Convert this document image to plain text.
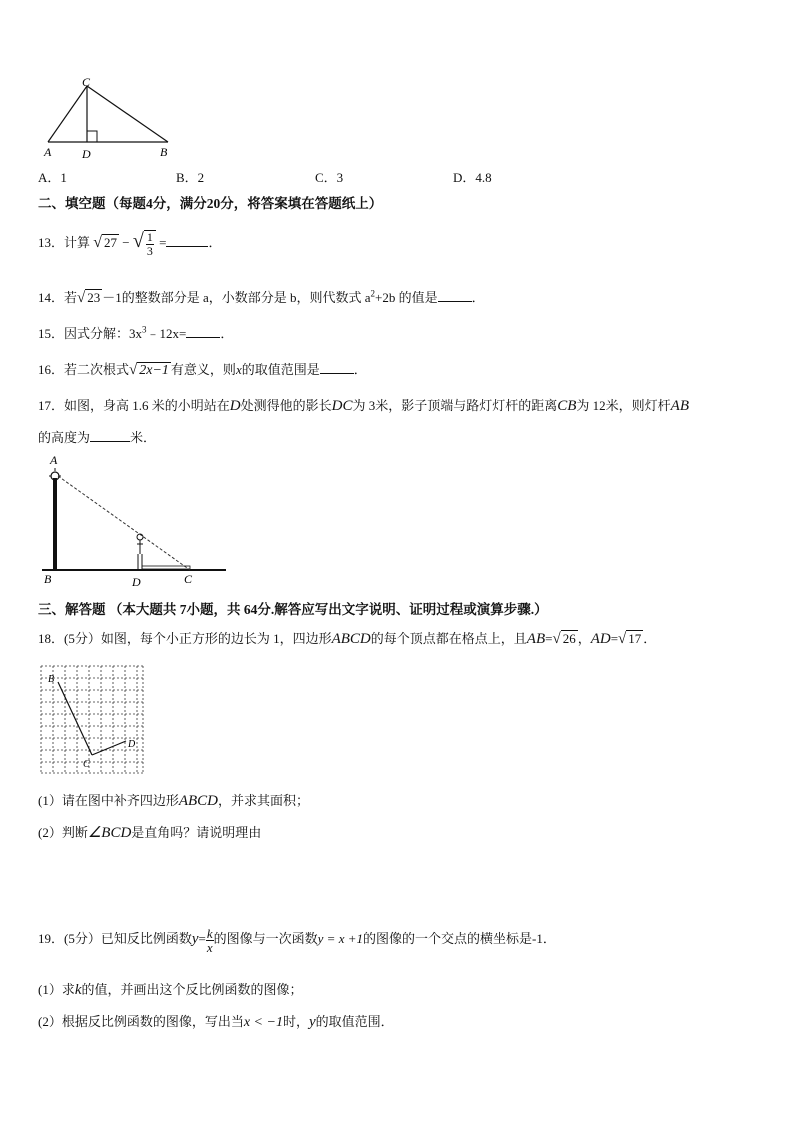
C
A	D	B
A．1	B．2	C．3	D．4.8
二、填空题（每题4分，满分20分，将答案填在答题纸上）
13．计算 √ 27 − √ $\frac{1}{3}$ =	．
14．若√ 23 －1的整数部分是 a，小数部分是 b，则代数式 $a^2+2b$ 的值是	．
15．因式分解：$3x^3﹣12x=$	．
16．若二次根式√ 2x−1 有意义，则x的取值范围是	．
17．如图，身高 1.6 米的小明站在D处测得他的影长DC为 3米，影子顶端与路灯灯杆的距离CB为 12米，则灯杆AB
的高度为	米．
A
B	D	C
三、解答题 （本大题共 7小题，共 64分.解答应写出文字说明、证明过程或演算步骤.）
18．(5分）如图，每个小正方形的边长为 1，四边形ABCD的每个顶点都在格点上，且AB=√ 26 ，AD=√ 17 ．
B
C
D
(1）请在图中补齐四边形ABCD，并求其面积；
(2）判断∠BCD是直角吗？请说明理由
19．(5分）已知反比例函数$y= \frac{k}{x}$ 的图像与一次函数y = x +1的图像的一个交点的横坐标是-1．
(1）求k的值，并画出这个反比例函数的图像；
(2）根据反比例函数的图像，写出当x < −1时，y的取值范围．
